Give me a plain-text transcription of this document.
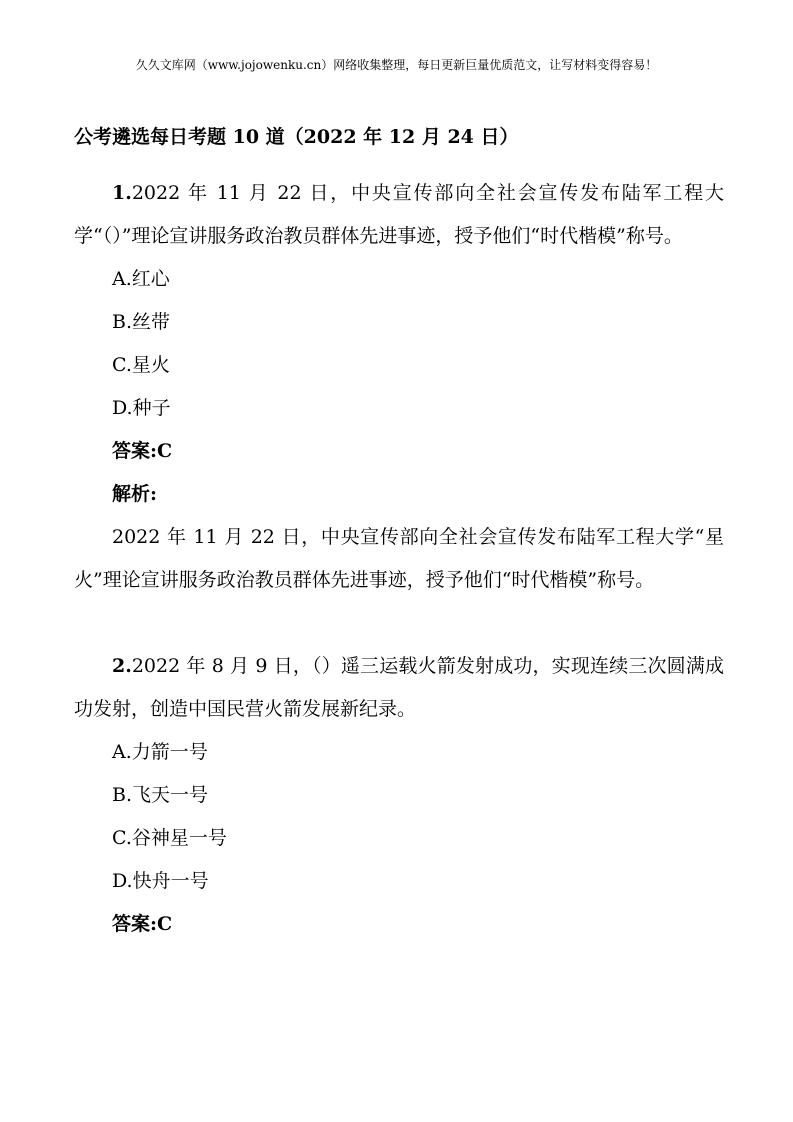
久久文库网（www.jojowenku.cn）网络收集整理，每日更新巨量优质范文，让写材料变得容易！
公考遴选每日考题 10 道（2022 年 12 月 24 日）

1.2022 年 11 月 22 日，中央宣传部向全社会宣传发布陆军工程大学“（）”理论宣讲服务政治教员群体先进事迹，授予他们“时代楷模”称号。

A.红心

B.丝带

C.星火

D.种子

答案:C

解析:

2022 年 11 月 22 日，中央宣传部向全社会宣传发布陆军工程大学“星火”理论宣讲服务政治教员群体先进事迹，授予他们“时代楷模”称号。

2.2022 年 8 月 9 日，（）遥三运载火箭发射成功，实现连续三次圆满成功发射，创造中国民营火箭发展新纪录。

A.力箭一号

B.飞天一号

C.谷神星一号

D.快舟一号

答案:C
